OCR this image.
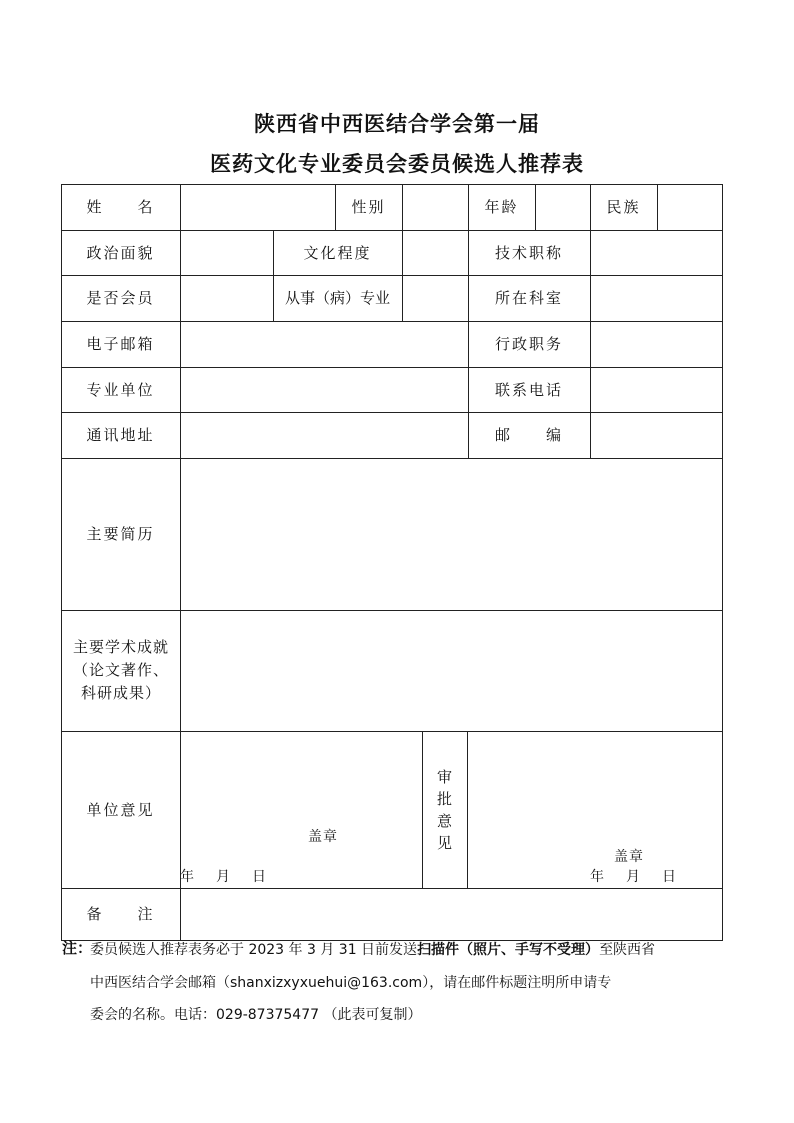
陕西省中西医结合学会第一届
医药文化专业委员会委员候选人推荐表
姓　　名	性别	年龄	民族
政治面貌	文化程度	技术职称
是否会员	从事（病）专业	所在科室
电子邮箱	行政职务
专业单位	联系电话
通讯地址	邮　　编
主要简历
主要学术成就（论文著作、科研成果）
单位意见
盖章
年　月　日
审批意见
盖章
年　月　日
备　　注
注：
委员候选人推荐表务必于 2023 年 3 月 31 日前发送扫描件（照片、手写不受理）至陕西省
中西医结合学会邮箱（shanxizxyxuehui@163.com），请在邮件标题注明所申请专
委会的名称。电话：029-87375477 （此表可复制）
